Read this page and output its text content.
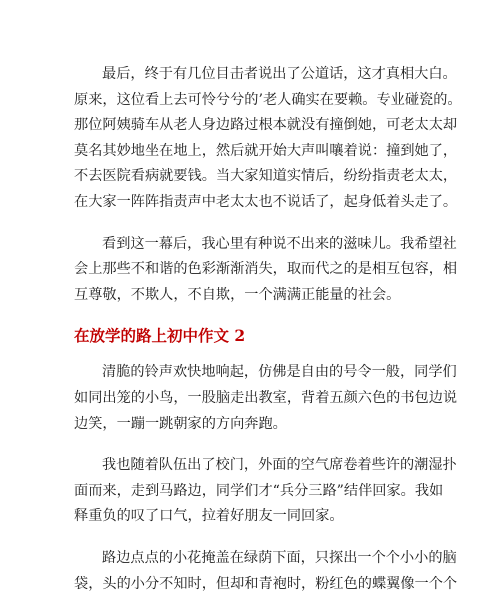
最后，终于有几位目击者说出了公道话，这才真相大白。
原来，这位看上去可怜兮兮的’老人确实在要赖。专业碰瓷的。
那位阿姨骑车从老人身边路过根本就没有撞倒她，可老太太却
莫名其妙地坐在地上，然后就开始大声叫嚷着说：撞到她了，
不去医院看病就要钱。当大家知道实情后，纷纷指责老太太，
在大家一阵阵指责声中老太太也不说话了，起身低着头走了。

看到这一幕后，我心里有种说不出来的滋味儿。我希望社
会上那些不和谐的色彩渐渐消失，取而代之的是相互包容，相
互尊敬，不欺人，不自欺，一个满满正能量的社会。

在放学的路上初中作文 2

清脆的铃声欢快地响起，仿佛是自由的号令一般，同学们
如同出笼的小鸟，一股脑走出教室，背着五颜六色的书包边说
边笑，一蹦一跳朝家的方向奔跑。

我也随着队伍出了校门，外面的空气席卷着些许的潮湿扑
面而来，走到马路边，同学们才“兵分三路”结伴回家。我如
释重负的叹了口气，拉着好朋友一同回家。

路边点点的小花掩盖在绿荫下面，只探出一个个小小的脑
袋，头的小分不知时，但却和青袍时，粉红色的蝶翼像一个个
